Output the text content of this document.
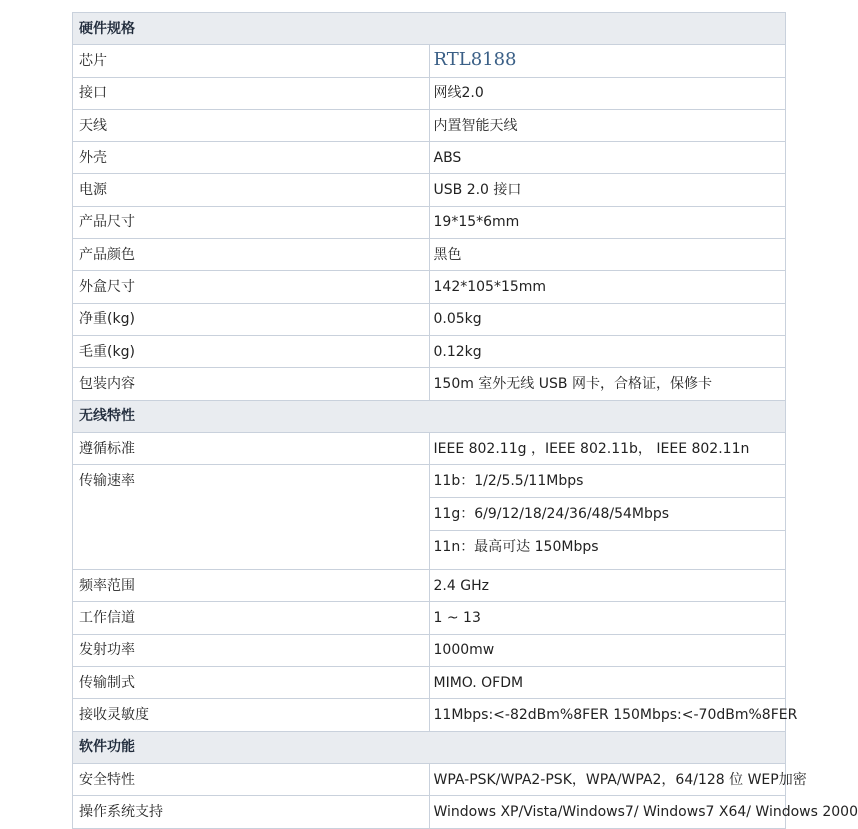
硬件规格	
芯片	RTL8188
接口	网线2.0
天线	内置智能天线
外壳	ABS
电源	USB 2.0 接口
产品尺寸	19*15*6mm
产品颜色	黑色
外盒尺寸	142*105*15mm
净重(kg)	0.05kg
毛重(kg)	0.12kg
包装内容	150m 室外无线 USB 网卡，合格证，保修卡
无线特性	
遵循标准	IEEE 802.11g ，IEEE 802.11b， IEEE 802.11n
传输速率	11b：1/2/5.5/11Mbps
11g：6/9/12/18/24/36/48/54Mbps
11n：最高可达 150Mbps

频率范围	2.4 GHz
工作信道	1 ~ 13
发射功率	1000mw
传输制式	MIMO. OFDM
接收灵敏度	11Mbps:<-82dBm%8FER 150Mbps:<-70dBm%8FER
软件功能	
安全特性	WPA-PSK/WPA2-PSK，WPA/WPA2，64/128 位 WEP加密
操作系统支持	Windows XP/Vista/Windows7/ Windows7 X64/ Windows 2000
